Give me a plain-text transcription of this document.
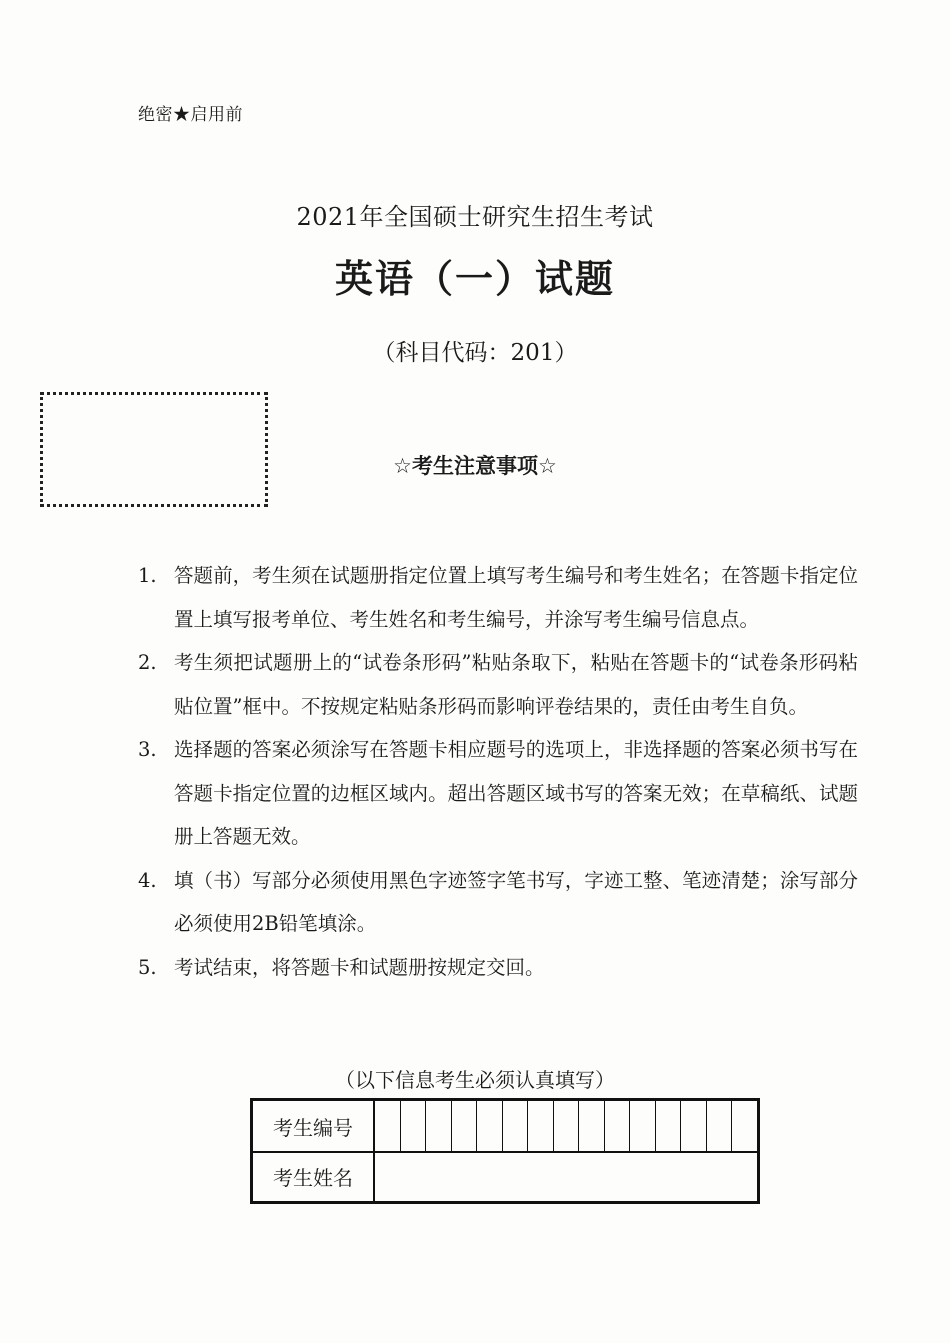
绝密★启用前
2021年全国硕士研究生招生考试
英语（一）试题
（科目代码：201）
☆考生注意事项☆
1. 答题前，考生须在试题册指定位置上填写考生编号和考生姓名；在答题卡指定位置上填写报考单位、考生姓名和考生编号，并涂写考生编号信息点。
2. 考生须把试题册上的“试卷条形码”粘贴条取下，粘贴在答题卡的“试卷条形码粘贴位置”框中。不按规定粘贴条形码而影响评卷结果的，责任由考生自负。
3. 选择题的答案必须涂写在答题卡相应题号的选项上，非选择题的答案必须书写在答题卡指定位置的边框区域内。超出答题区域书写的答案无效；在草稿纸、试题册上答题无效。
4. 填（书）写部分必须使用黑色字迹签字笔书写，字迹工整、笔迹清楚；涂写部分必须使用2B铅笔填涂。
5. 考试结束，将答题卡和试题册按规定交回。
（以下信息考生必须认真填写）
考生编号
考生姓名
